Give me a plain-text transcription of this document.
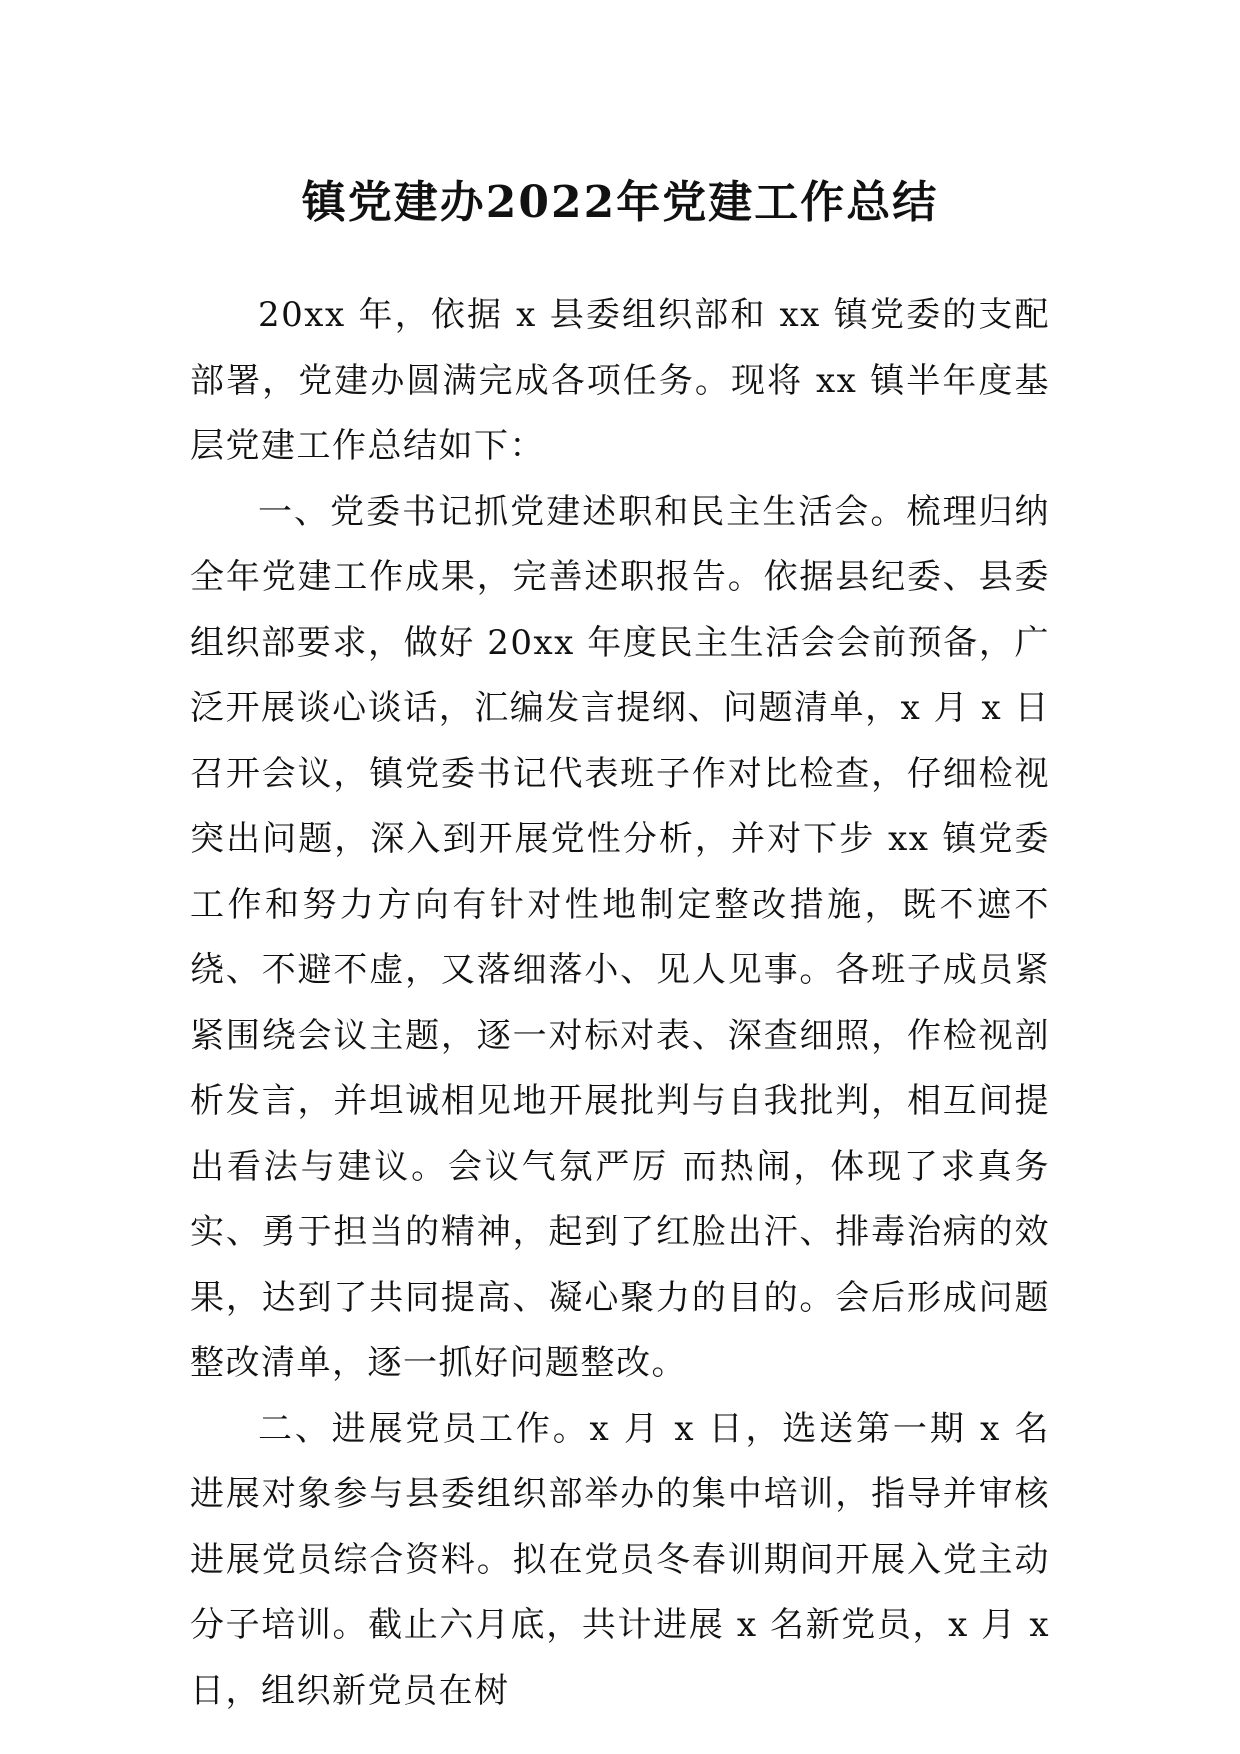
镇党建办2022年党建工作总结

20xx 年，依据 x 县委组织部和 xx 镇党委的支配部署，党建办圆满完成各项任务。现将 xx 镇半年度基层党建工作总结如下：

一、党委书记抓党建述职和民主生活会。梳理归纳全年党建工作成果，完善述职报告。依据县纪委、县委组织部要求，做好 20xx 年度民主生活会会前预备，广泛开展谈心谈话，汇编发言提纲、问题清单，x 月 x 日召开会议，镇党委书记代表班子作对比检查，仔细检视突出问题，深入到开展党性分析，并对下步 xx 镇党委工作和努力方向有针对性地制定整改措施，既不遮不绕、不避不虚，又落细落小、见人见事。各班子成员紧紧围绕会议主题，逐一对标对表、深查细照，作检视剖析发言，并坦诚相见地开展批判与自我批判，相互间提出看法与建议。会议气氛严厉 而热闹，体现了求真务实、勇于担当的精神，起到了红脸出汗、排毒治病的效果，达到了共同提高、凝心聚力的目的。会后形成问题整改清单，逐一抓好问题整改。

二、进展党员工作。x 月 x 日，选送第一期 x 名进展对象参与县委组织部举办的集中培训，指导并审核进展党员综合资料。拟在党员冬春训期间开展入党主动分子培训。截止六月底，共计进展 x 名新党员，x 月 x 日，组织新党员在树
